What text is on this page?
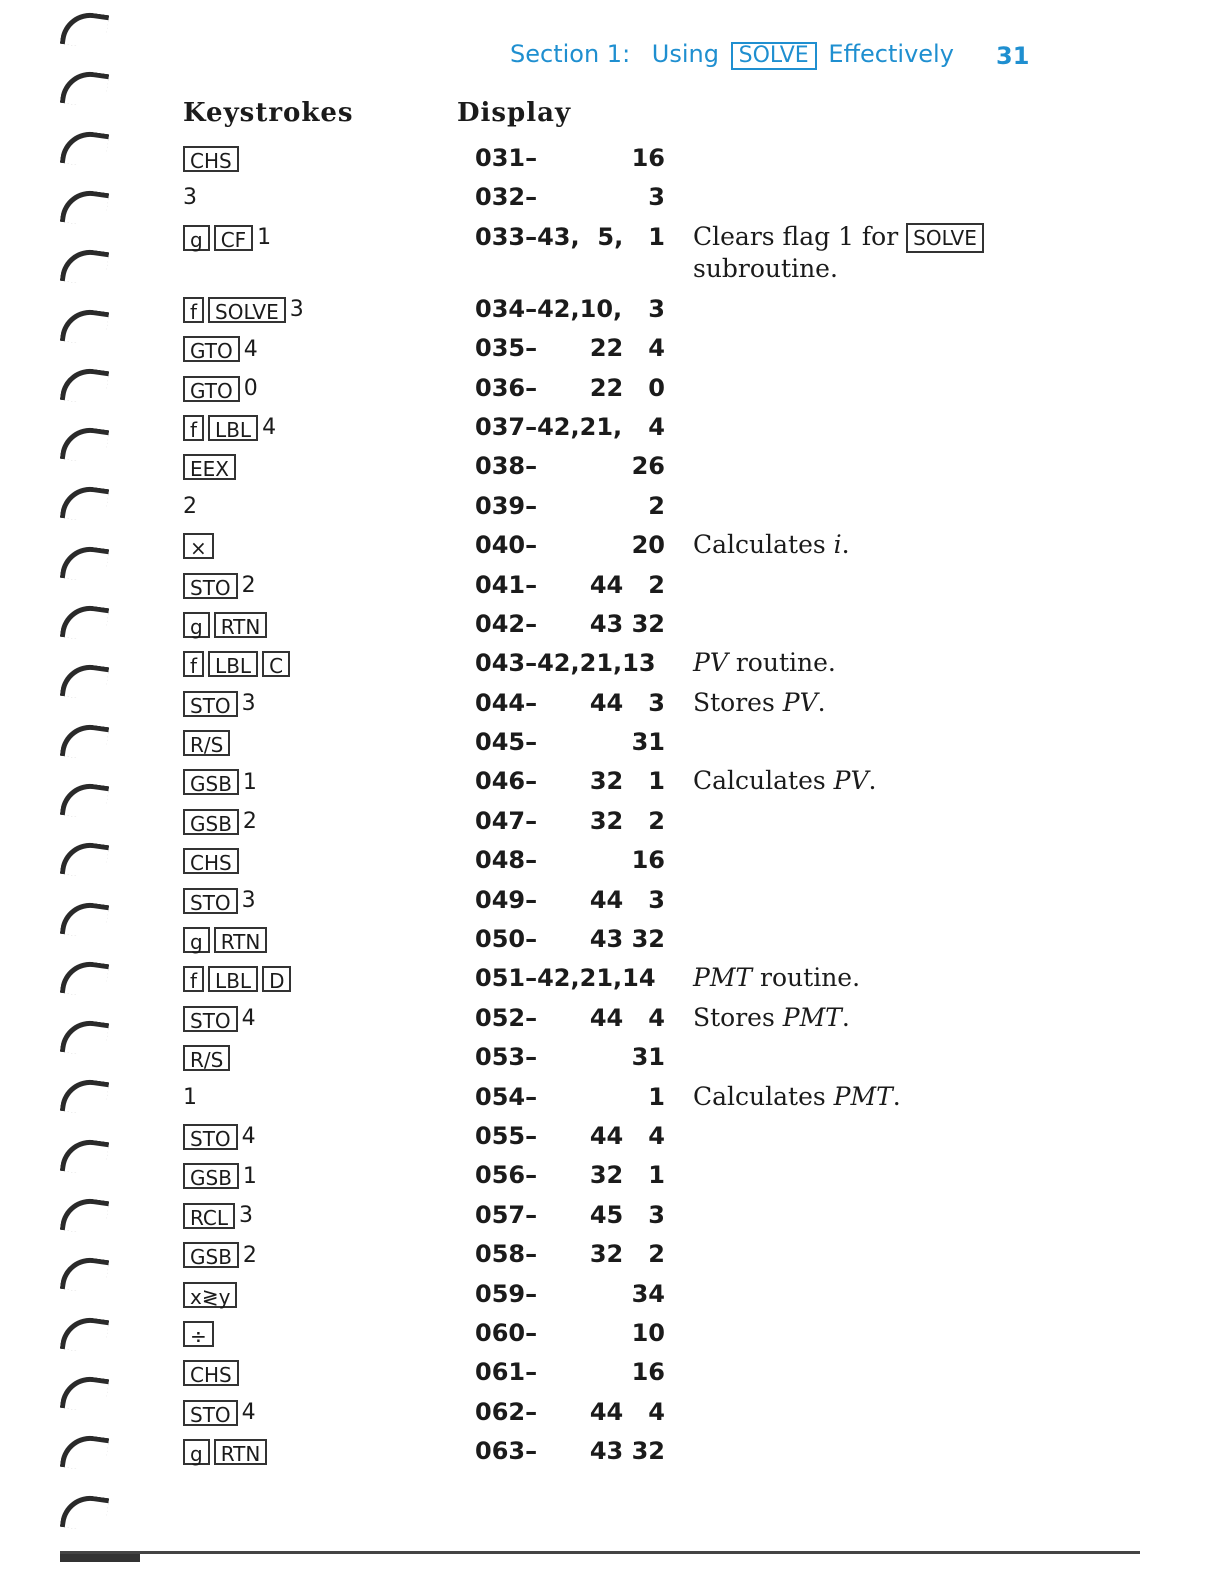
Section 1: Using SOLVE Effectively	31
Keystrokes	Display
CHS	031–	16
3	032–	3
g CF 1	033–43, 5,   1 Clears flag 1 for SOLVE
subroutine.
f SOLVE 3	034–42,10,	3
GTO 4	035–	22   4
GTO 0	036–	22   0
f LBL 4	037–42,21,	4
EEX	038–	26
2	039–	2
×	040–	20 Calculates i.
STO 2	041–	44   2
g RTN	042–	43 32
f LBL C	043–42,21,13 PV routine.
STO 3	044–	44   3 Stores PV.
R/S	045–	31
GSB 1	046–	32   1 Calculates PV.
GSB 2	047–	32   2
CHS	048–	16
STO 3	049–	44   3
g RTN	050–	43 32
f LBL D	051–42,21,14 PMT routine.
STO 4	052–	44   4 Stores PMT.
R/S	053–	31
1	054–	1 Calculates PMT.
STO 4	055–	44   4
GSB 1	056–	32   1
RCL 3	057–	45   3
GSB 2	058–	32   2
x≷y	059–	34
÷	060–	10
CHS	061–	16
STO 4	062–	44   4
g RTN	063–	43 32
